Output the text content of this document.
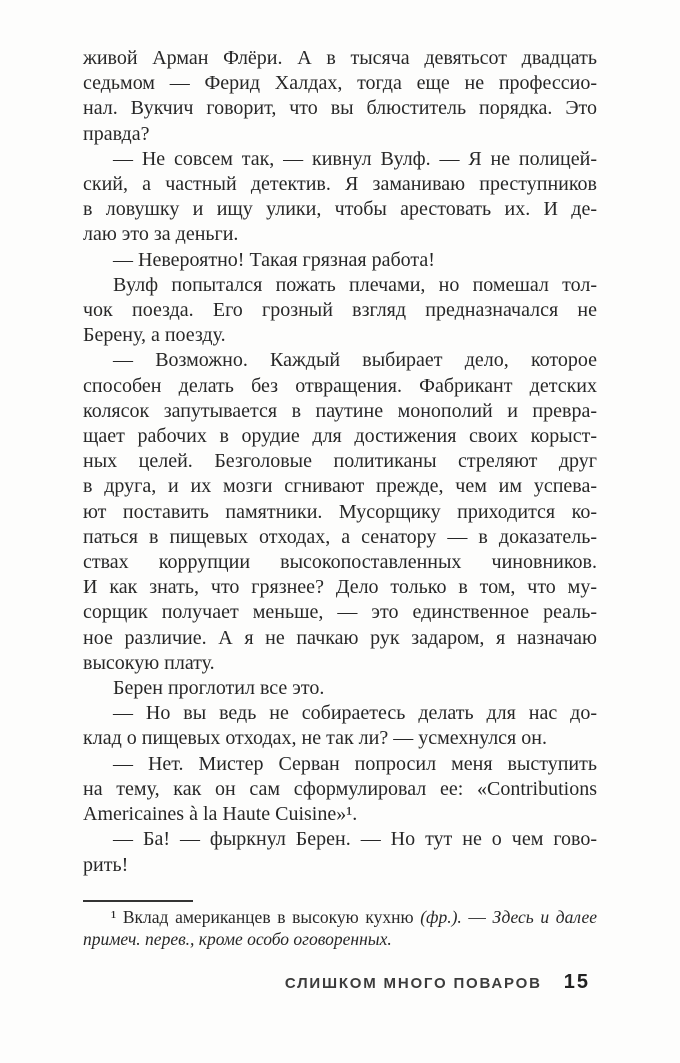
живой Арман Флёри. А в тысяча девятьсот двадцать
седьмом — Ферид Халдах, тогда еще не профессио-
нал. Вукчич говорит, что вы блюститель порядка. Это
правда?
— Не совсем так, — кивнул Вулф. — Я не полицей-
ский, а частный детектив. Я заманиваю преступников
в ловушку и ищу улики, чтобы арестовать их. И де-
лаю это за деньги.
— Невероятно! Такая грязная работа!
Вулф попытался пожать плечами, но помешал тол-
чок поезда. Его грозный взгляд предназначался не
Берену, а поезду.
— Возможно. Каждый выбирает дело, которое
способен делать без отвращения. Фабрикант детских
колясок запутывается в паутине монополий и превра-
щает рабочих в орудие для достижения своих корыст-
ных целей. Безголовые политиканы стреляют друг
в друга, и их мозги сгнивают прежде, чем им успева-
ют поставить памятники. Мусорщику приходится ко-
паться в пищевых отходах, а сенатору — в доказатель-
ствах коррупции высокопоставленных чиновников.
И как знать, что грязнее? Дело только в том, что му-
сорщик получает меньше, — это единственное реаль-
ное различие. А я не пачкаю рук задаром, я назначаю
высокую плату.
Берен проглотил все это.
— Но вы ведь не собираетесь делать для нас до-
клад о пищевых отходах, не так ли? — усмехнулся он.
— Нет. Мистер Серван попросил меня выступить
на тему, как он сам сформулировал ее: «Contributions
Americaines à la Haute Cuisine»¹.
— Ба! — фыркнул Берен. — Но тут не о чем гово-
рить!
¹ Вклад американцев в высокую кухню (фр.). — Здесь и далее
примеч. перев., кроме особо оговоренных.
СЛИШКОМ МНОГО ПОВАРОВ 15
